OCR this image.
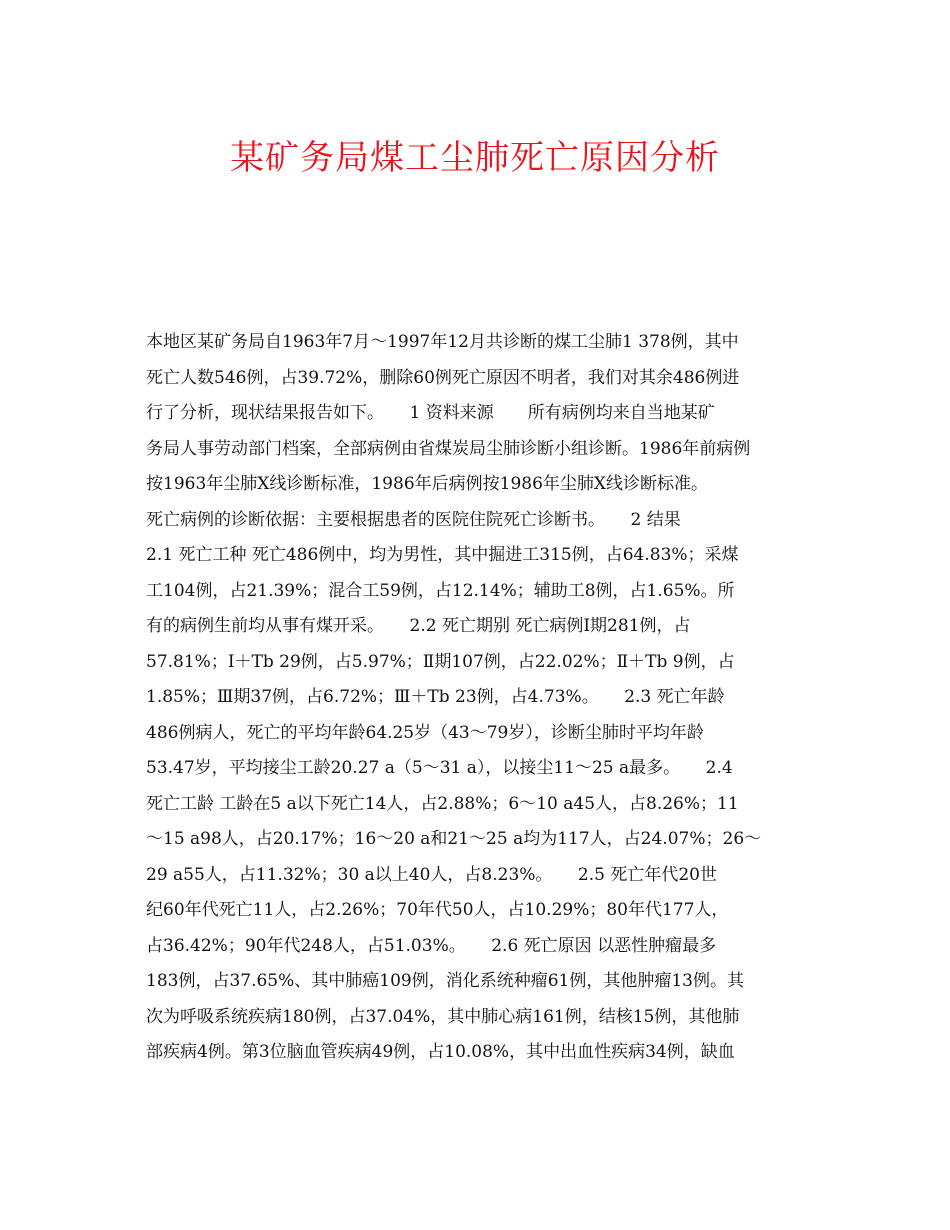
某矿务局煤工尘肺死亡原因分析
本地区某矿务局自1963年7月～1997年12月共诊断的煤工尘肺1 378例，其中
死亡人数546例，占39.72%，删除60例死亡原因不明者，我们对其余486例进
行了分析，现状结果报告如下。　　1 资料来源　　所有病例均来自当地某矿
务局人事劳动部门档案，全部病例由省煤炭局尘肺诊断小组诊断。1986年前病例
按1963年尘肺X线诊断标准，1986年后病例按1986年尘肺X线诊断标准。
死亡病例的诊断依据：主要根据患者的医院住院死亡诊断书。　　2 结果
2.1 死亡工种 死亡486例中，均为男性，其中掘进工315例，占64.83%；采煤
工104例，占21.39%；混合工59例，占12.14%；辅助工8例，占1.65%。所
有的病例生前均从事有煤开采。　　2.2 死亡期别 死亡病例Ⅰ期281例，占
57.81%；Ⅰ＋Tb 29例，占5.97%；Ⅱ期107例，占22.02%；Ⅱ＋Tb 9例，占
1.85%；Ⅲ期37例，占6.72%；Ⅲ＋Tb 23例，占4.73%。　　2.3 死亡年龄
486例病人，死亡的平均年龄64.25岁（43～79岁），诊断尘肺时平均年龄
53.47岁，平均接尘工龄20.27 a（5～31 a），以接尘11～25 a最多。　　2.4
死亡工龄 工龄在5 a以下死亡14人，占2.88%；6～10 a45人，占8.26%；11
～15 a98人，占20.17%；16～20 a和21～25 a均为117人，占24.07%；26～
29 a55人，占11.32%；30 a以上40人，占8.23%。　　2.5 死亡年代20世
纪60年代死亡11人，占2.26%；70年代50人，占10.29%；80年代177人，
占36.42%；90年代248人，占51.03%。　　2.6 死亡原因 以恶性肿瘤最多
183例，占37.65%、其中肺癌109例，消化系统种瘤61例，其他肿瘤13例。其
次为呼吸系统疾病180例，占37.04%，其中肺心病161例，结核15例，其他肺
部疾病4例。第3位脑血管疾病49例，占10.08%，其中出血性疾病34例，缺血
